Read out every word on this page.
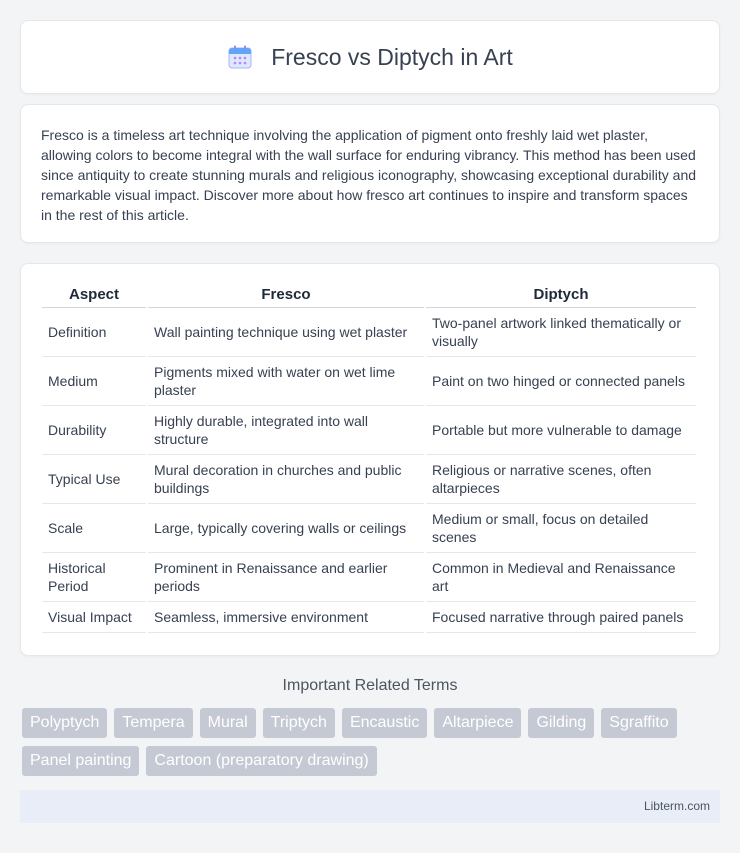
Fresco vs Diptych in Art

Fresco is a timeless art technique involving the application of pigment onto freshly laid wet plaster, allowing colors to become integral with the wall surface for enduring vibrancy. This method has been used since antiquity to create stunning murals and religious iconography, showcasing exceptional durability and remarkable visual impact. Discover more about how fresco art continues to inspire and transform spaces in the rest of this article.

Aspect	Fresco	Diptych
Definition	Wall painting technique using wet plaster	Two-panel artwork linked thematically or visually
Medium	Pigments mixed with water on wet lime plaster	Paint on two hinged or connected panels
Durability	Highly durable, integrated into wall structure	Portable but more vulnerable to damage
Typical Use	Mural decoration in churches and public buildings	Religious or narrative scenes, often altarpieces
Scale	Large, typically covering walls or ceilings	Medium or small, focus on detailed scenes
Historical Period	Prominent in Renaissance and earlier periods	Common in Medieval and Renaissance art
Visual Impact	Seamless, immersive environment	Focused narrative through paired panels
Important Related Terms
Polyptych	Tempera	Mural	Triptych	Encaustic	Altarpiece	Gilding	Sgraffito
Panel painting	Cartoon (preparatory drawing)
Libterm.com
